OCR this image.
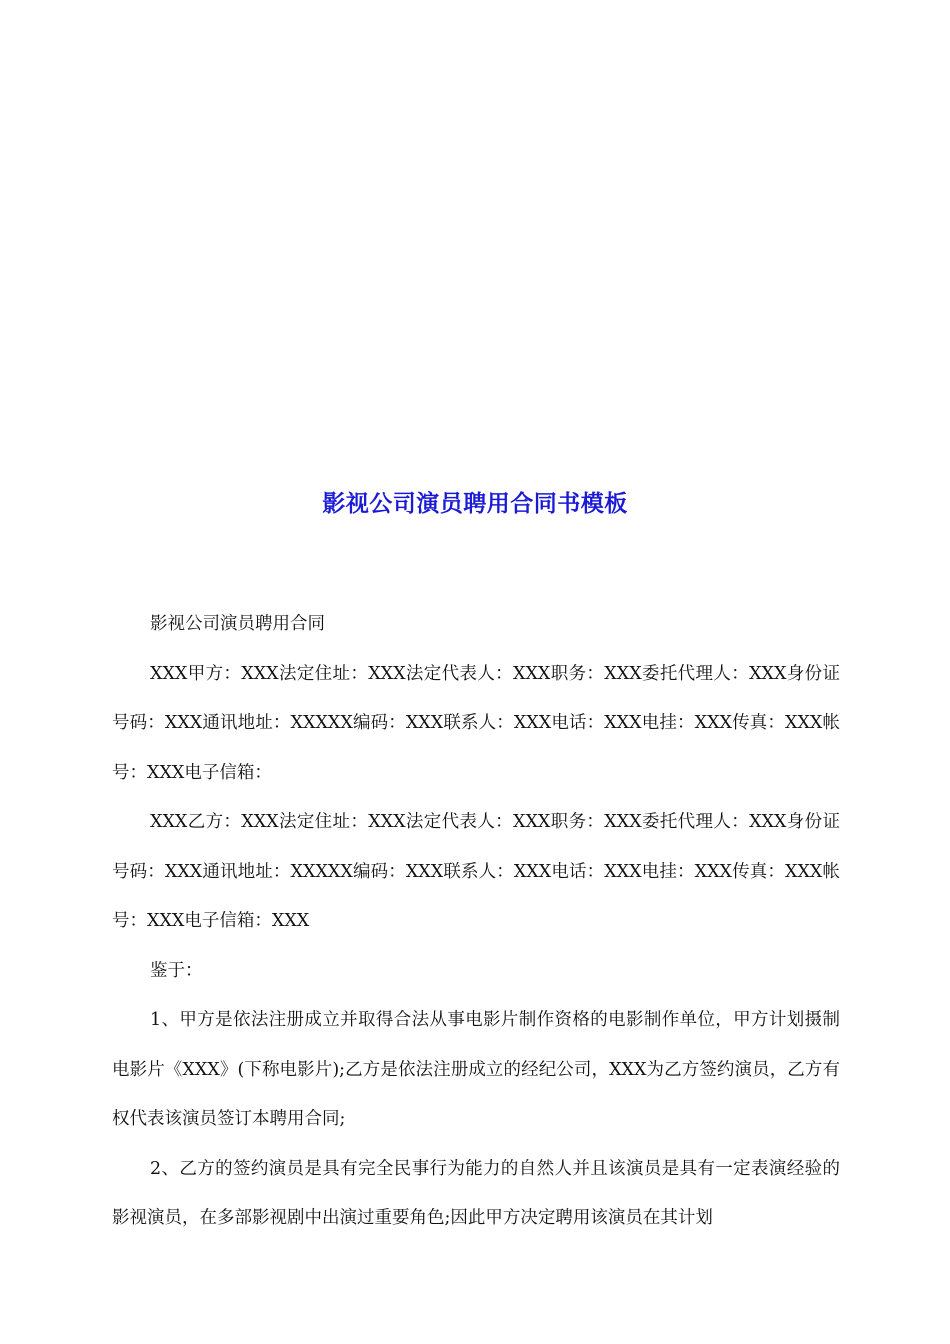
影视公司演员聘用合同书模板

影视公司演员聘用合同

XXX甲方：XXX法定住址：XXX法定代表人：XXX职务：XXX委托代理人：XXX身份证号码：XXX通讯地址：XXXXX编码：XXX联系人：XXX电话：XXX电挂：XXX传真：XXX帐号：XXX电子信箱：

XXX乙方：XXX法定住址：XXX法定代表人：XXX职务：XXX委托代理人：XXX身份证号码：XXX通讯地址：XXXXX编码：XXX联系人：XXX电话：XXX电挂：XXX传真：XXX帐号：XXX电子信箱：XXX

鉴于：

1、甲方是依法注册成立并取得合法从事电影片制作资格的电影制作单位，甲方计划摄制电影片《XXX》(下称电影片);乙方是依法注册成立的经纪公司，XXX为乙方签约演员，乙方有权代表该演员签订本聘用合同;

2、乙方的签约演员是具有完全民事行为能力的自然人并且该演员是具有一定表演经验的影视演员，在多部影视剧中出演过重要角色;因此甲方决定聘用该演员在其计划
